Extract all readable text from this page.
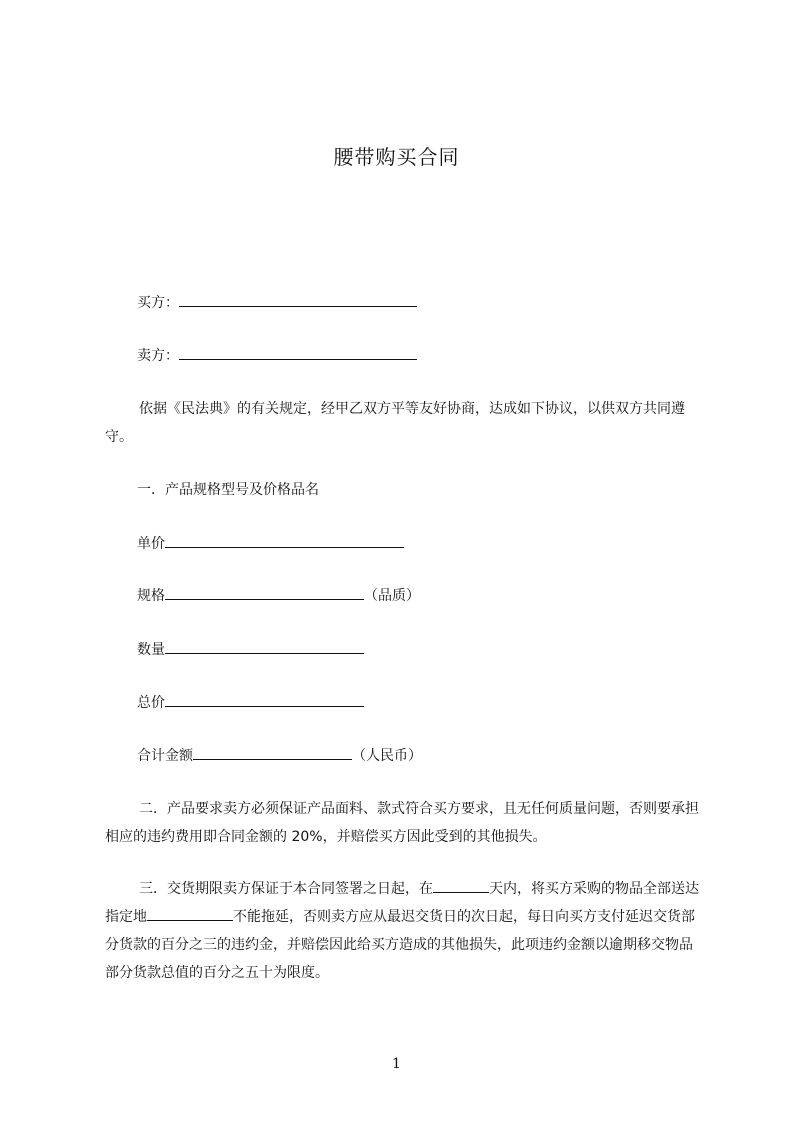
腰带购买合同
买方：
卖方：
依据《民法典》的有关规定，经甲乙双方平等友好协商，达成如下协议，以供双方共同遵守。
一．产品规格型号及价格品名
单价
规格	（品质）
数量
总价
合计金额	（人民币）
二．产品要求卖方必须保证产品面料、款式符合买方要求，且无任何质量问题，否则要承担相应的违约费用即合同金额的 20%，并赔偿买方因此受到的其他损失。
三．交货期限卖方保证于本合同签署之日起，在	天内，将买方采购的物品全部送达指定地	不能拖延，否则卖方应从最迟交货日的次日起，每日向买方支付延迟交货部分货款的百分之三的违约金，并赔偿因此给买方造成的其他损失，此项违约金额以逾期移交物品部分货款总值的百分之五十为限度。
1
